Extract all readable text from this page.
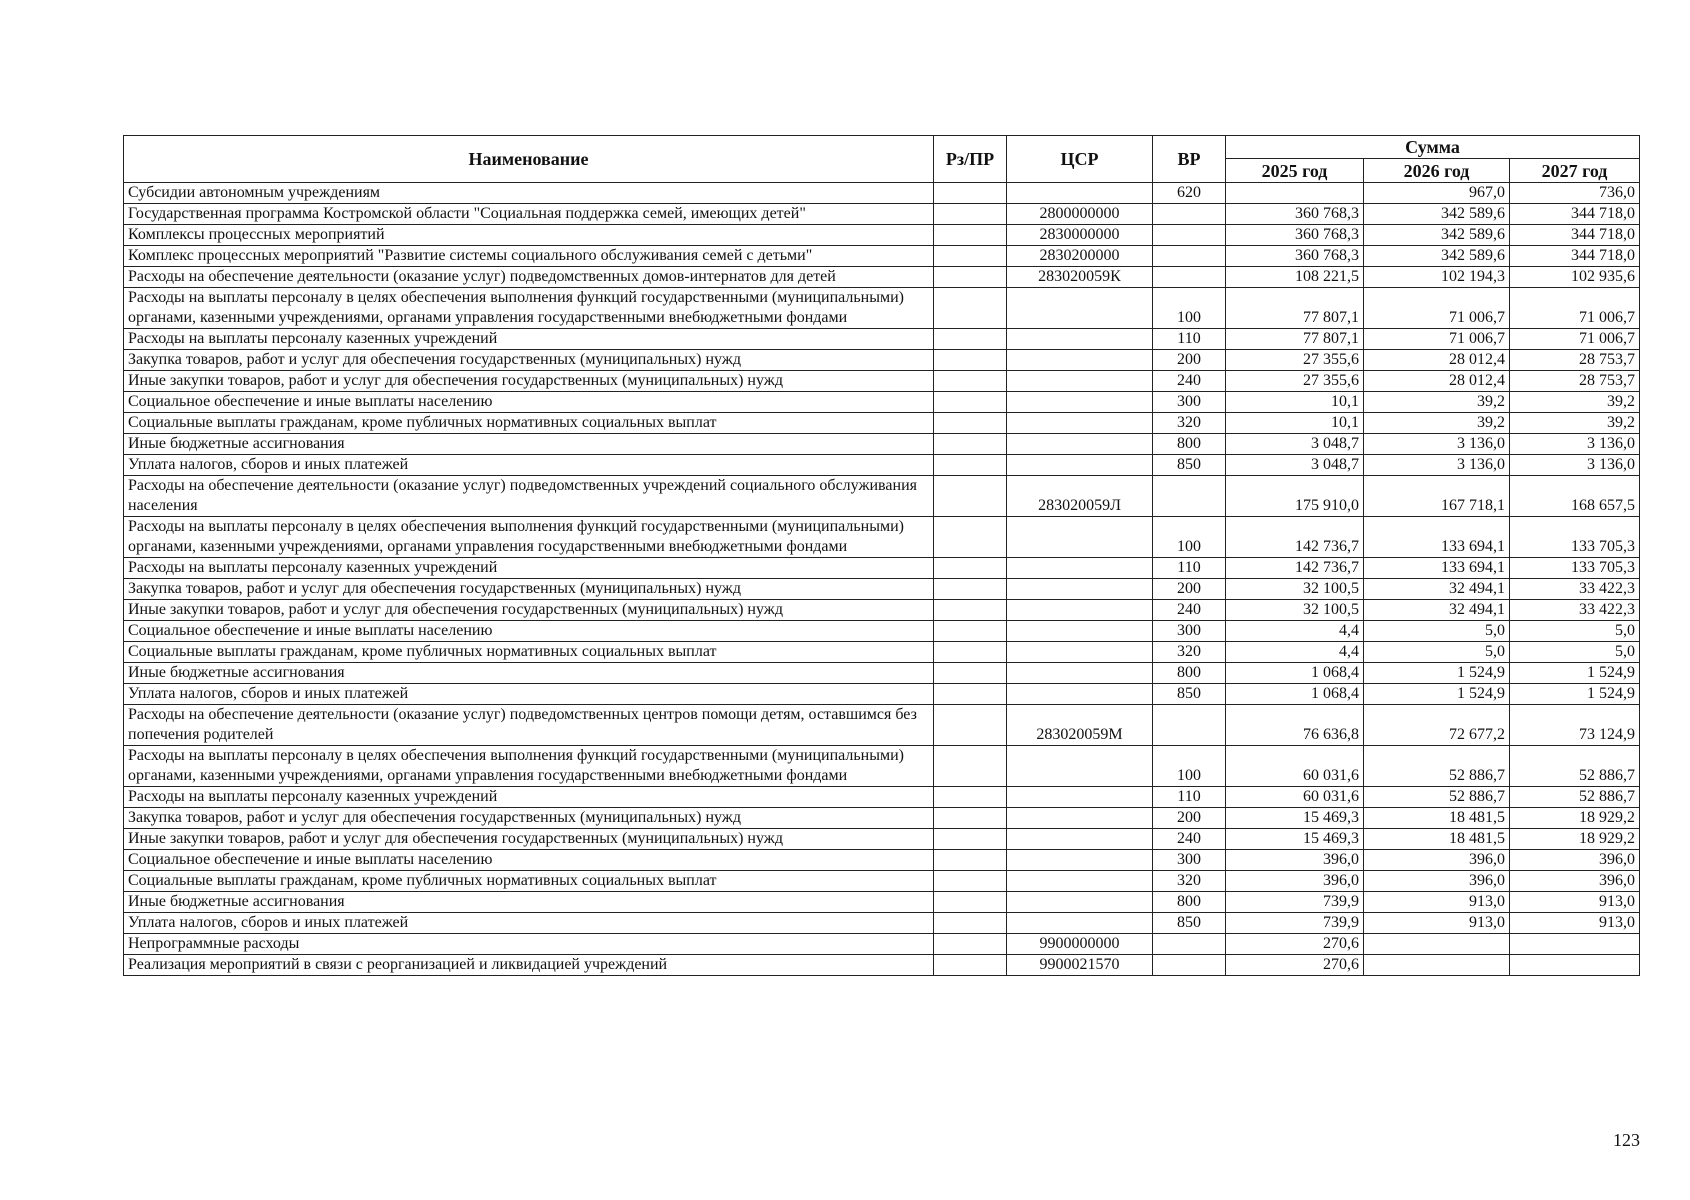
Наименование	Рз/ПР	ЦСР	ВР	Сумма		
				2025 год	2026 год	2027 год
Субсидии автономным учреждениям			620		967,0	736,0
Государственная программа Костромской области "Социальная поддержка семей, имеющих детей"		2800000000		360 768,3	342 589,6	344 718,0
Комплексы процессных мероприятий		2830000000		360 768,3	342 589,6	344 718,0
Комплекс процессных мероприятий "Развитие системы социального обслуживания семей с детьми"		2830200000		360 768,3	342 589,6	344 718,0
Расходы на обеспечение деятельности (оказание услуг) подведомственных домов-интернатов для детей		283020059К		108 221,5	102 194,3	102 935,6
Расходы на выплаты персоналу в целях обеспечения выполнения функций государственными (муниципальными) органами, казенными учреждениями, органами управления государственными внебюджетными фондами			100	77 807,1	71 006,7	71 006,7
Расходы на выплаты персоналу казенных учреждений			110	77 807,1	71 006,7	71 006,7
Закупка товаров, работ и услуг для обеспечения государственных (муниципальных) нужд			200	27 355,6	28 012,4	28 753,7
Иные закупки товаров, работ и услуг для обеспечения государственных (муниципальных) нужд			240	27 355,6	28 012,4	28 753,7
Социальное обеспечение и иные выплаты населению			300	10,1	39,2	39,2
Социальные выплаты гражданам, кроме публичных нормативных социальных выплат			320	10,1	39,2	39,2
Иные бюджетные ассигнования			800	3 048,7	3 136,0	3 136,0
Уплата налогов, сборов и иных платежей			850	3 048,7	3 136,0	3 136,0
Расходы на обеспечение деятельности (оказание услуг) подведомственных учреждений социального обслуживания населения		283020059Л		175 910,0	167 718,1	168 657,5
Расходы на выплаты персоналу в целях обеспечения выполнения функций государственными (муниципальными) органами, казенными учреждениями, органами управления государственными внебюджетными фондами			100	142 736,7	133 694,1	133 705,3
Расходы на выплаты персоналу казенных учреждений			110	142 736,7	133 694,1	133 705,3
Закупка товаров, работ и услуг для обеспечения государственных (муниципальных) нужд			200	32 100,5	32 494,1	33 422,3
Иные закупки товаров, работ и услуг для обеспечения государственных (муниципальных) нужд			240	32 100,5	32 494,1	33 422,3
Социальное обеспечение и иные выплаты населению			300	4,4	5,0	5,0
Социальные выплаты гражданам, кроме публичных нормативных социальных выплат			320	4,4	5,0	5,0
Иные бюджетные ассигнования			800	1 068,4	1 524,9	1 524,9
Уплата налогов, сборов и иных платежей			850	1 068,4	1 524,9	1 524,9
Расходы на обеспечение деятельности (оказание услуг) подведомственных центров помощи детям, оставшимся без попечения родителей		283020059М		76 636,8	72 677,2	73 124,9
Расходы на выплаты персоналу в целях обеспечения выполнения функций государственными (муниципальными) органами, казенными учреждениями, органами управления государственными внебюджетными фондами			100	60 031,6	52 886,7	52 886,7
Расходы на выплаты персоналу казенных учреждений			110	60 031,6	52 886,7	52 886,7
Закупка товаров, работ и услуг для обеспечения государственных (муниципальных) нужд			200	15 469,3	18 481,5	18 929,2
Иные закупки товаров, работ и услуг для обеспечения государственных (муниципальных) нужд			240	15 469,3	18 481,5	18 929,2
Социальное обеспечение и иные выплаты населению			300	396,0	396,0	396,0
Социальные выплаты гражданам, кроме публичных нормативных социальных выплат			320	396,0	396,0	396,0
Иные бюджетные ассигнования			800	739,9	913,0	913,0
Уплата налогов, сборов и иных платежей			850	739,9	913,0	913,0
Непрограммные расходы		9900000000		270,6		
Реализация мероприятий в связи с реорганизацией и ликвидацией учреждений		9900021570		270,6		
123
